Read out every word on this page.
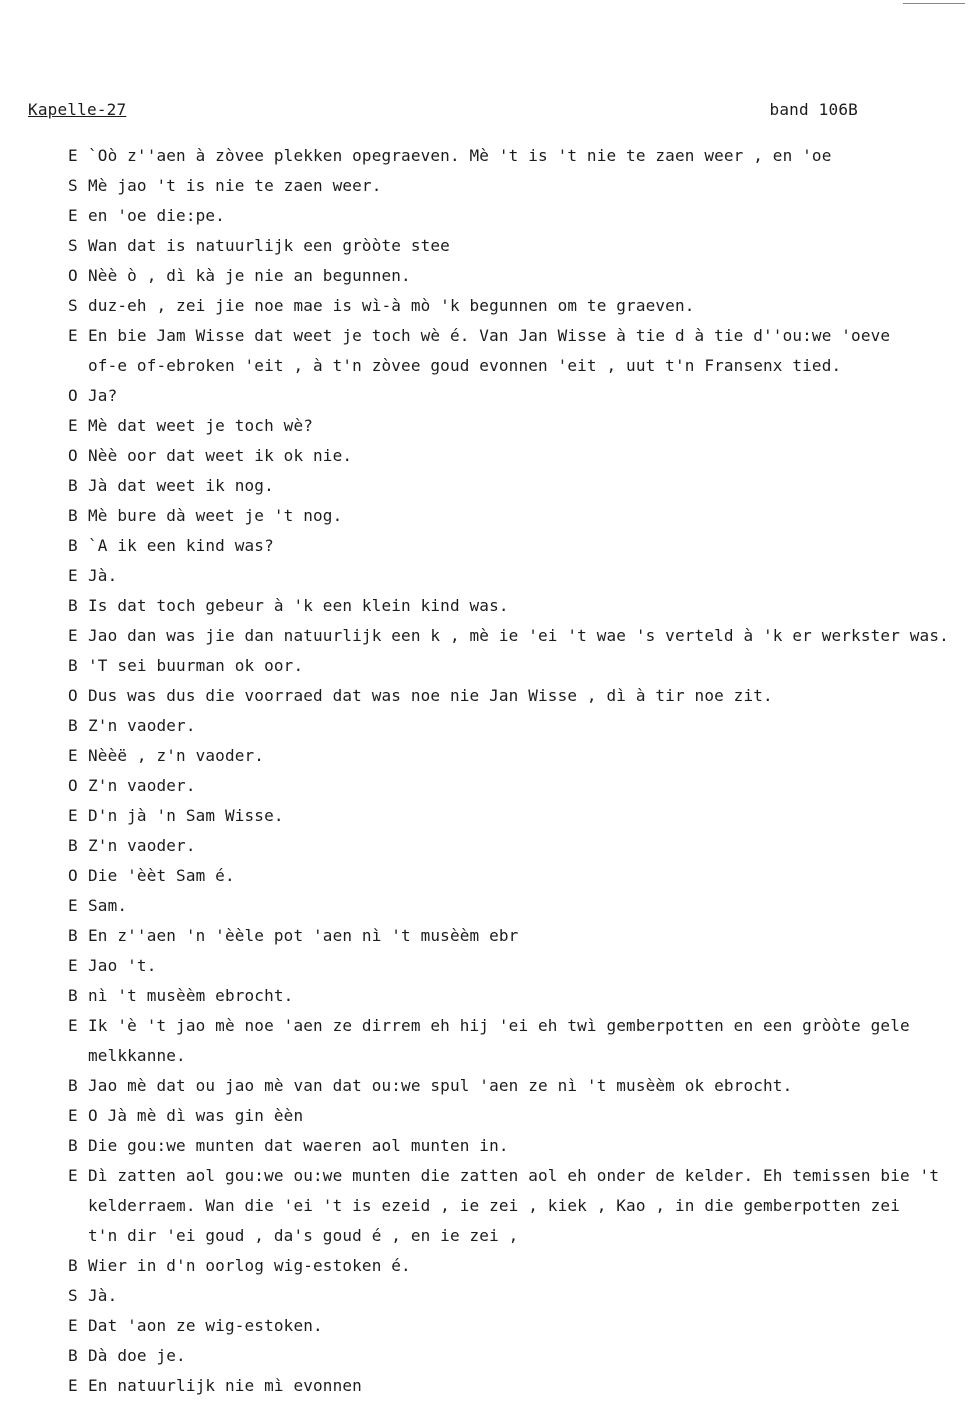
Kapelle-27	band 106B
E `Oò z''aen à zòvee plekken opegraeven. Mè 't is 't nie te zaen weer , en 'oe
S Mè jao 't is nie te zaen weer.
E en 'oe die:pe.
S Wan dat is natuurlijk een gròòte stee
O Nèè ò , dì kà je nie an begunnen.
S duz-eh , zei jie noe mae is wì-à mò 'k begunnen om te graeven.
E En bie Jam Wisse dat weet je toch wè é. Van Jan Wisse à tie d à tie d''ou:we 'oeve
of-e of-ebroken 'eit , à t'n zòvee goud evonnen 'eit , uut t'n Fransenx tied.
O Ja?
E Mè dat weet je toch wè?
O Nèè oor dat weet ik ok nie.
B Jà dat weet ik nog.
B Mè bure dà weet je 't nog.
B `A ik een kind was?
E Jà.
B Is dat toch gebeur à 'k een klein kind was.
E Jao dan was jie dan natuurlijk een k , mè ie 'ei 't wae 's verteld à 'k er werkster was.
B 'T sei buurman ok oor.
O Dus was dus die voorraed dat was noe nie Jan Wisse , dì à tir noe zit.
B Z'n vaoder.
E Nèèë , z'n vaoder.
O Z'n vaoder.
E D'n jà 'n Sam Wisse.
B Z'n vaoder.
O Die 'èèt Sam é.
E Sam.
B En z''aen 'n 'èèle pot 'aen nì 't musèèm ebr
E Jao 't.
B nì 't musèèm ebrocht.
E Ik 'è 't jao mè noe 'aen ze dirrem eh hij 'ei eh twì gemberpotten en een gròòte gele
melkkanne.
B Jao mè dat ou jao mè van dat ou:we spul 'aen ze nì 't musèèm ok ebrocht.
E O Jà mè dì was gin èèn
B Die gou:we munten dat waeren aol munten in.
E Dì zatten aol gou:we ou:we munten die zatten aol eh onder de kelder. Eh temissen bie 't
kelderraem. Wan die 'ei 't is ezeid , ie zei , kiek , Kao , in die gemberpotten zei
t'n dir 'ei goud , da's goud é , en ie zei ,
B Wier in d'n oorlog wig-estoken é.
S Jà.
E Dat 'aon ze wig-estoken.
B Dà doe je.
E En natuurlijk nie mì evonnen
